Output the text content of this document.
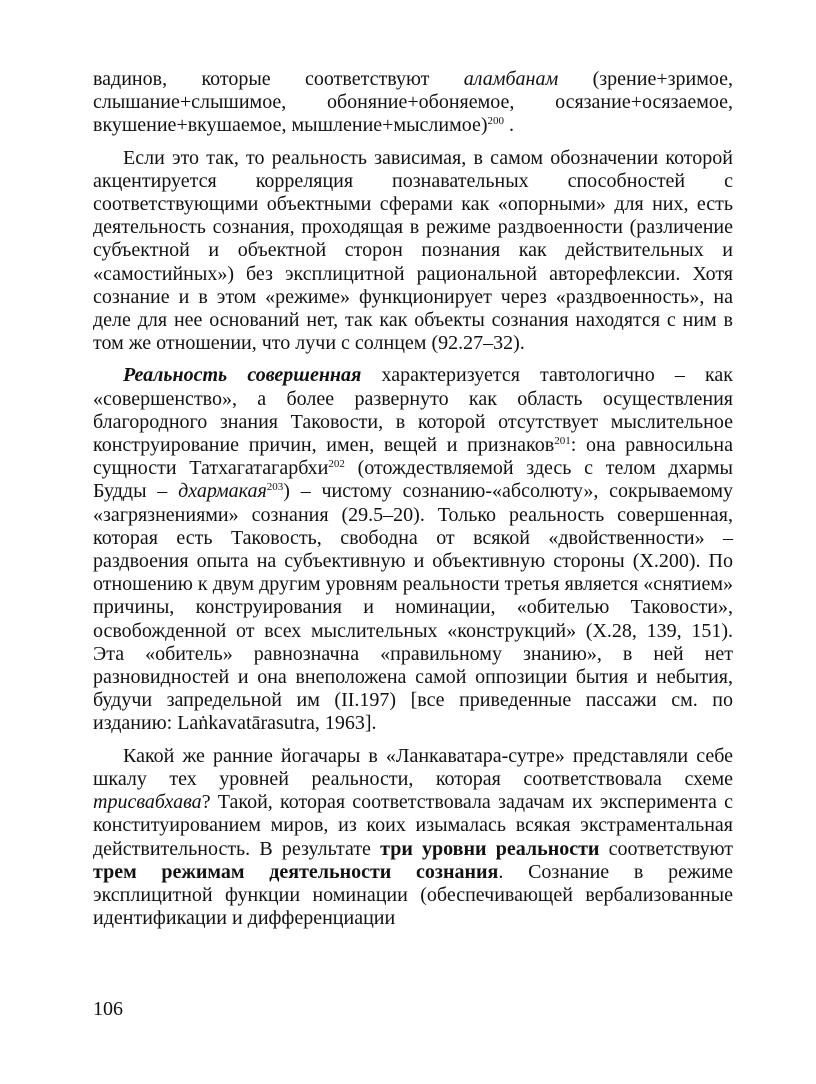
вадинов, которые соответствуют аламбанам (зрение+зримое, слышание+слышимое, обоняние+обоняемое, осязание+осязаемое, вкушение+вкушаемое, мышление+мыслимое)$^{200}$ .

Если это так, то реальность зависимая, в самом обозначении которой акцентируется корреляция познавательных способностей с соответствующими объектными сферами как «опорными» для них, есть деятельность сознания, проходящая в режиме раздвоенности (различение субъектной и объектной сторон познания как действительных и «самостийных») без эксплицитной рациональной авторефлексии. Хотя сознание и в этом «режиме» функционирует через «раздвоенность», на деле для нее оснований нет, так как объекты сознания находятся с ним в том же отношении, что лучи с солнцем (92.27–32).

Реальность совершенная характеризуется тавтологично – как «совершенство», а более развернуто как область осуществления благородного знания Таковости, в которой отсутствует мыслительное конструирование причин, имен, вещей и признаков$^{201}$: она равносильна сущности Татхагатагарбхи$^{202}$ (отождествляемой здесь с телом дхармы Будды – дхармакая$^{203}$) – чистому сознанию-«абсолюту», сокрываемому «загрязнениями» сознания (29.5–20). Только реальность совершенная, которая есть Таковость, свободна от всякой «двойственности» – раздвоения опыта на субъективную и объективную стороны (X.200). По отношению к двум другим уровням реальности третья является «снятием» причины, конструирования и номинации, «обителью Таковости», освобожденной от всех мыслительных «конструкций» (X.28, 139, 151). Эта «обитель» равнозначна «правильному знанию», в ней нет разновидностей и она внеположена самой оппозиции бытия и небытия, будучи запредельной им (II.197) [все приведенные пассажи см. по изданию: Laṅkavatārasutra, 1963].

Какой же ранние йогачары в «Ланкаватара-сутре» представляли себе шкалу тех уровней реальности, которая соответствовала схеме трисвабхава? Такой, которая соответствовала задачам их эксперимента с конституированием миров, из коих изымалась всякая экстраментальная действительность. В результате три уровни реальности соответствуют трем режимам деятельности сознания. Сознание в режиме эксплицитной функции номинации (обеспечивающей вербализованные идентификации и дифференциации

106
